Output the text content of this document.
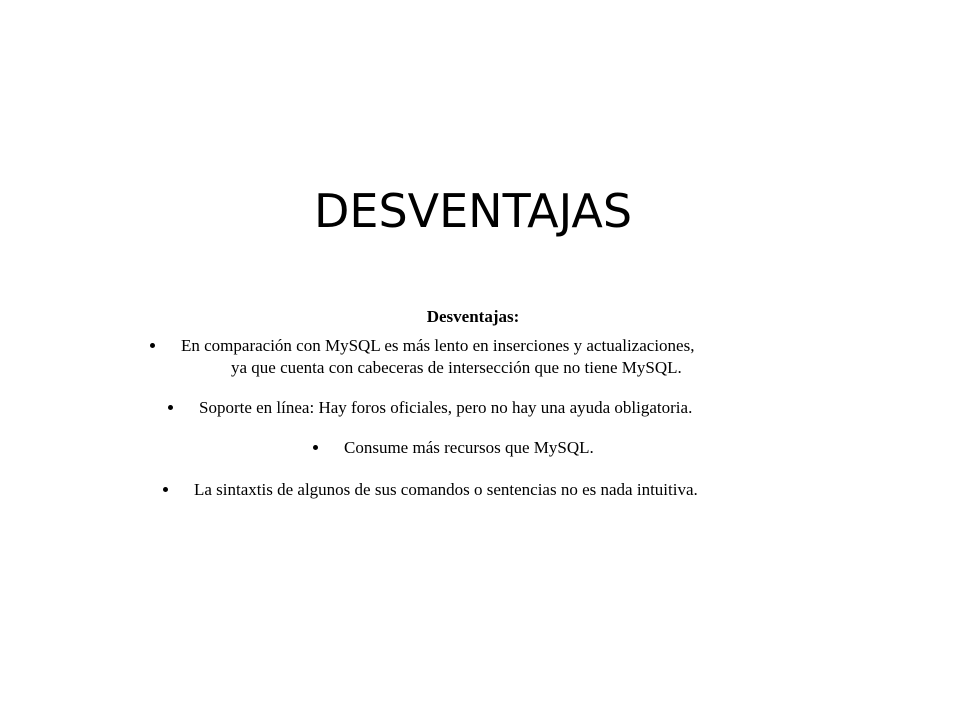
DESVENTAJAS
Desventajas:
En comparación con MySQL es más lento en inserciones y actualizaciones,
ya que cuenta con cabeceras de intersección que no tiene MySQL.
Soporte en línea: Hay foros oficiales, pero no hay una ayuda obligatoria.
Consume más recursos que MySQL.
La sintaxtis de algunos de sus comandos o sentencias no es nada intuitiva.
